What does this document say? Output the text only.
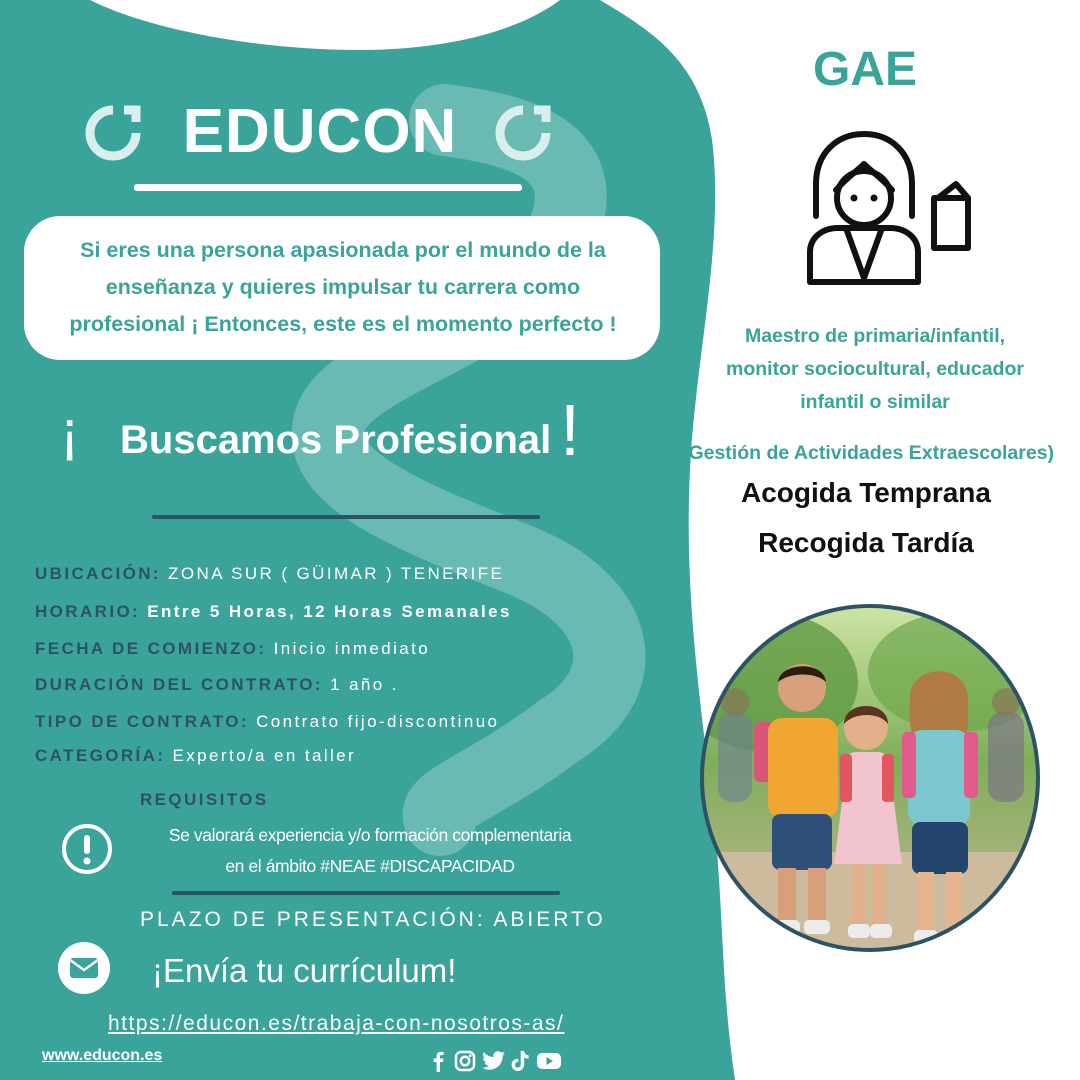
EDUCON
Si eres una persona apasionada por el mundo de la
enseñanza y quieres impulsar tu carrera como
profesional ¡ Entonces, este es el momento perfecto !
¡ Buscamos Profesional !
UBICACIÓN: ZONA SUR ( GÜIMAR ) TENERIFE
HORARIO: Entre 5 Horas, 12 Horas Semanales
FECHA DE COMIENZO: Inicio inmediato
DURACIÓN DEL CONTRATO: 1 año .
TIPO DE CONTRATO: Contrato fijo-discontinuo
CATEGORÍA: Experto/a en taller
REQUISITOS
Se valorará experiencia y/o formación complementaria
en el ámbito #NEAE #DISCAPACIDAD
PLAZO DE PRESENTACIÓN: ABIERTO
¡Envía tu currículum!
https://educon.es/trabaja-con-nosotros-as/
www.educon.es
GAE
Maestro de primaria/infantil,
monitor sociocultural, educador
infantil o similar
(Gestión de Actividades Extraescolares)
Acogida Temprana
Recogida Tardía
